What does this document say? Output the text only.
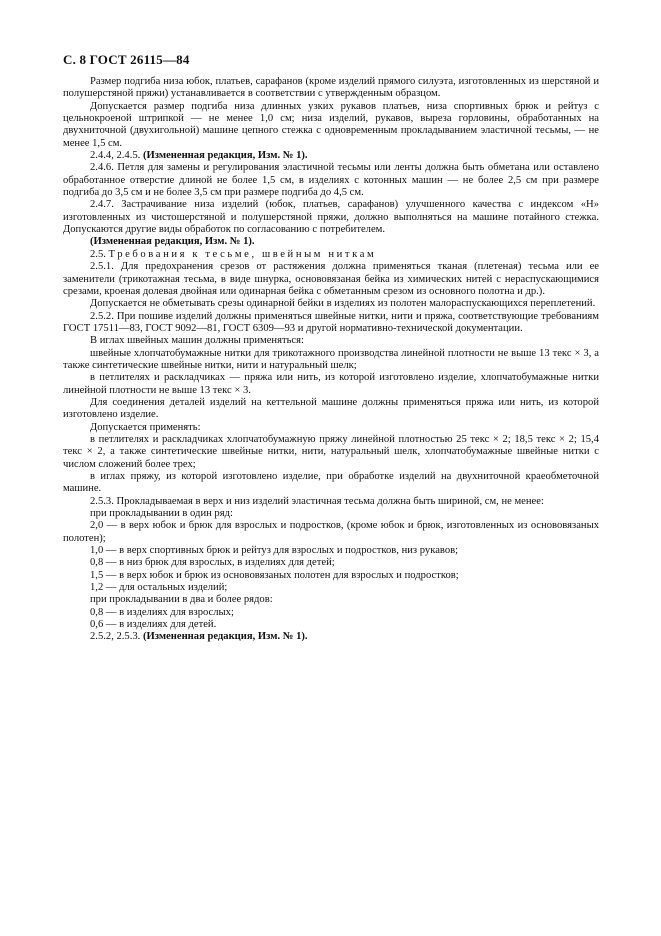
С. 8 ГОСТ 26115—84

Размер подгиба низа юбок, платьев, сарафанов (кроме изделий прямого силуэта, изготовленных из шерстяной и полушерстяной пряжи) устанавливается в соответствии с утвержденным образцом.

Допускается размер подгиба низа длинных узких рукавов платьев, низа спортивных брюк и рейтуз с цельнокроеной штрипкой — не менее 1,0 см; низа изделий, рукавов, выреза горловины, обработанных на двухниточной (двухигольной) машине цепного стежка с одновременным прокладыванием эластичной тесьмы, — не менее 1,5 см.

2.4.4, 2.4.5. (Измененная редакция, Изм. № 1).

2.4.6. Петля для замены и регулирования эластичной тесьмы или ленты должна быть обметана или оставлено обработанное отверстие длиной не более 1,5 см, в изделиях с котонных машин — не более 2,5 см при размере подгиба до 3,5 см и не более 3,5 см при размере подгиба до 4,5 см.

2.4.7. Застрачивание низа изделий (юбок, платьев, сарафанов) улучшенного качества с индексом «Н» изготовленных из чистошерстяной и полушерстяной пряжи, должно выполняться на машине потайного стежка. Допускаются другие виды обработок по согласованию с потребителем.

(Измененная редакция, Изм. № 1).

2.5. Требования к тесьме, швейным ниткам

2.5.1. Для предохранения срезов от растяжения должна применяться тканая (плетеная) тесьма или ее заменители (трикотажная тесьма, в виде шнурка, основовязаная бейка из химических нитей с нераспускающимися срезами, кроеная долевая двойная или одинарная бейка с обметанным срезом из основного полотна и др.).

Допускается не обметывать срезы одинарной бейки в изделиях из полотен малораспускающихся переплетений.

2.5.2. При пошиве изделий должны применяться швейные нитки, нити и пряжа, соответствующие требованиям ГОСТ 17511—83, ГОСТ 9092—81, ГОСТ 6309—93 и другой нормативно-технической документации.

В иглах швейных машин должны применяться:

швейные хлопчатобумажные нитки для трикотажного производства линейной плотности не выше 13 текс × 3, а также синтетические швейные нитки, нити и натуральный шелк;

в петлителях и раскладчиках — пряжа или нить, из которой изготовлено изделие, хлопчатобумажные нитки линейной плотности не выше 13 текс × 3.

Для соединения деталей изделий на кеттельной машине должны применяться пряжа или нить, из которой изготовлено изделие.

Допускается применять:

в петлителях и раскладчиках хлопчатобумажную пряжу линейной плотностью 25 текс × 2; 18,5 текс × 2; 15,4 текс × 2, а также синтетические швейные нитки, нити, натуральный шелк, хлопчатобумажные швейные нитки с числом сложений более трех;

в иглах пряжу, из которой изготовлено изделие, при обработке изделий на двухниточной краеобметочной машине.

2.5.3. Прокладываемая в верх и низ изделий эластичная тесьма должна быть шириной, см, не менее:

при прокладывании в один ряд:

2,0 — в верх юбок и брюк для взрослых и подростков, (кроме юбок и брюк, изготовленных из основовязаных полотен);

1,0 — в верх спортивных брюк и рейтуз для взрослых и подростков, низ рукавов;

0,8 — в низ брюк для взрослых, в изделиях для детей;

1,5 — в верх юбок и брюк из основовязаных полотен для взрослых и подростков;

1,2 — для остальных изделий;

при прокладывании в два и более рядов:

0,8 — в изделиях для взрослых;

0,6 — в изделиях для детей.

2.5.2, 2.5.3. (Измененная редакция, Изм. № 1).
